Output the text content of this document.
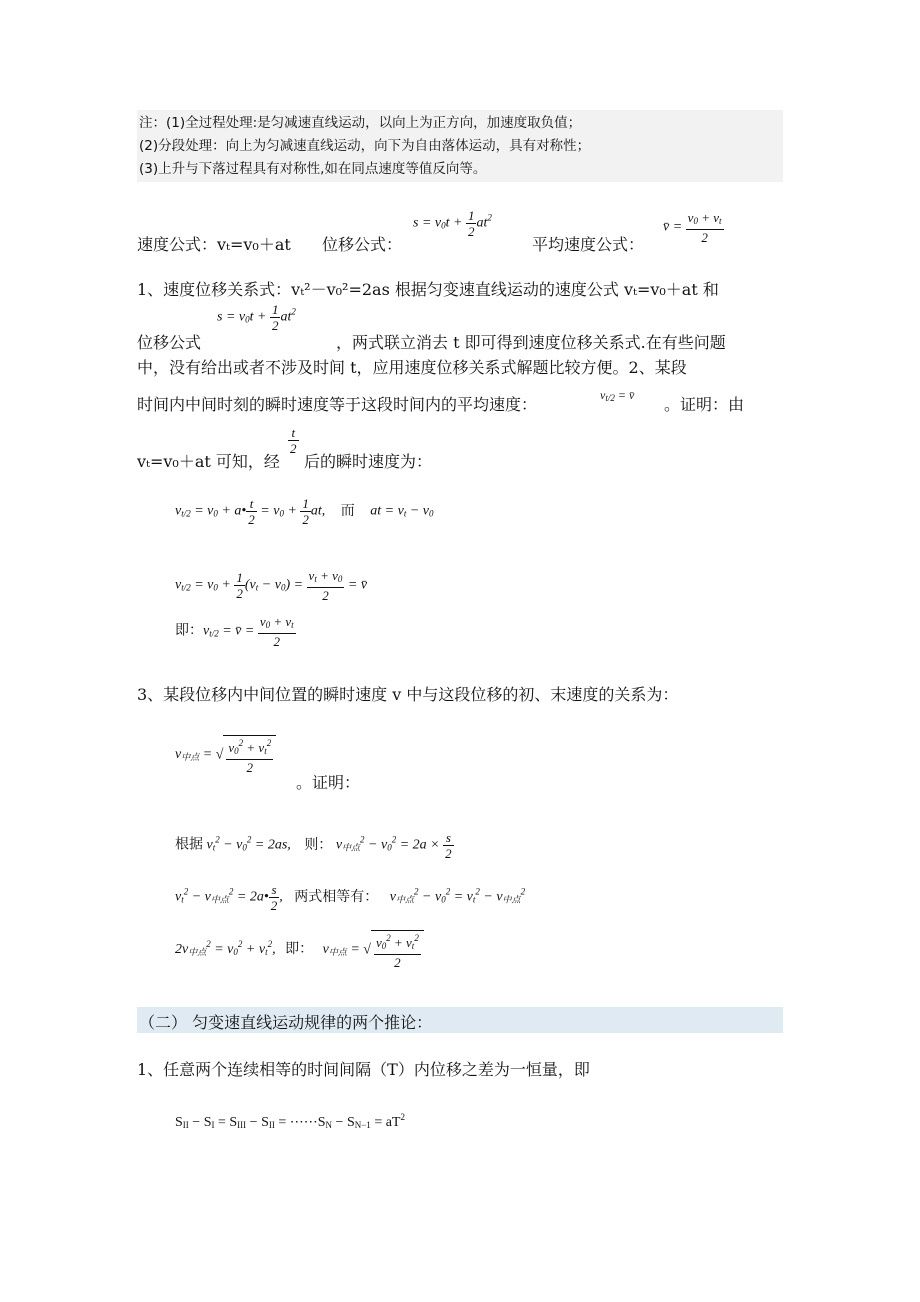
注：(1)全过程处理:是匀减速直线运动，以向上为正方向，加速度取负值；
(2)分段处理：向上为匀减速直线运动，向下为自由落体运动，具有对称性；
(3)上升与下落过程具有对称性,如在同点速度等值反向等。
速度公式： vₜ=v₀＋at 位移公式：
$s = v0t + \frac{1}{2} at^2$
平均速度公式：
v̄ = $\frac{v0 + vt}{2}$
1、速度位移关系式：vₜ²－v₀²=2as 根据匀变速直线运动的速度公式 vₜ=v₀＋at 和
位移公式
$s = v0t + \frac{1}{2} at^2$
，两式联立消去 t 即可得到速度位移关系式.在有些问题
中，没有给出或者不涉及时间 t，应用速度位移关系式解题比较方便。2、某段
时间内中间时刻的瞬时速度等于这段时间内的平均速度：	vt/2 = v̄ 。证明：由
vₜ=v₀＋at 可知，经
$\frac{t}{2}$
后的瞬时速度为：
vt/2 = v0 + a• $\frac{t}{2} = v0 + \frac{1}{2}$ at, 而 at = vt − v0
$vt/2 = v0 + \frac{1}{2} (vt - v0) = \frac{vt + v0}{2}$ = v̄
即：vt/2 = v̄ = $\frac{v0 + vt}{2}$
3、某段位移内中间位置的瞬时速度 v 中与这段位移的初、末速度的关系为：
v中点 = √ $\frac{v0^2 + vt^2}{2}$
。证明：
根据 $vt^2 - v0^2 = 2as$, 则： v中点$^2 - v0^2 = 2a \times \frac{s}{2}$
$vt^2 - v$中点$^2$ = 2a• $\frac{s}{2}$ , 两式相等有： v中点$^2 - v0^2 = vt^2 - v$中点$^2$
2v中点$^2 = v0^2 + vt^2$, 即： v中点 = √ $\frac{v0^2 + vt^2}{2}$
（二） 匀变速直线运动规律的两个推论：
1、任意两个连续相等的时间间隔（T）内位移之差为一恒量，即
SII − SI = SIII − SII = ⋯⋯SN − $SN-1 = aT^2$
